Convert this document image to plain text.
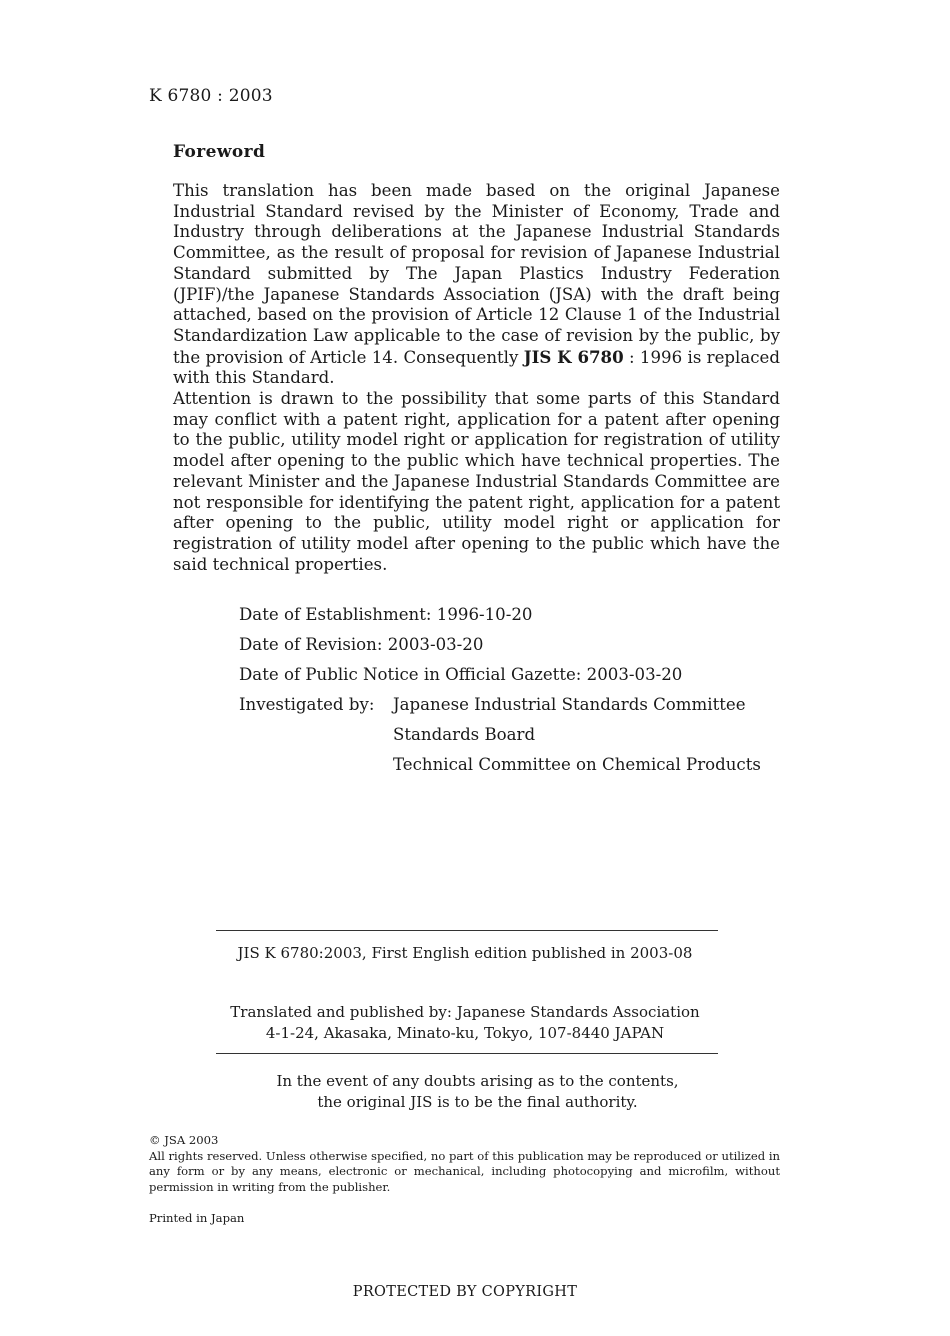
K 6780 : 2003
Foreword

This translation has been made based on the original Japanese Industrial Standard revised by the Minister of Economy, Trade and Industry through deliberations at the Japanese Industrial Standards Committee, as the result of proposal for revision of Japanese Industrial Standard submitted by The Japan Plastics Industry Federation (JPIF)/the Japanese Standards Association (JSA) with the draft being attached, based on the provision of Article 12 Clause 1 of the Industrial Standardization Law applicable to the case of revision by the public, by the provision of Article 14. Consequently JIS K 6780 : 1996 is replaced with this Standard.

Attention is drawn to the possibility that some parts of this Standard may conflict with a patent right, application for a patent after opening to the public, utility model right or application for registration of utility model after opening to the public which have technical properties. The relevant Minister and the Japanese Industrial Standards Committee are not responsible for identifying the patent right, application for a patent after opening to the public, utility model right or application for registration of utility model after opening to the public which have the said technical properties.

Date of Establishment: 1996-10-20
Date of Revision: 2003-03-20
Date of Public Notice in Official Gazette: 2003-03-20
Investigated by:	Japanese Industrial Standards Committee
Standards Board
Technical Committee on Chemical Products
JIS K 6780:2003, First English edition published in 2003-08
Translated and published by: Japanese Standards Association
4-1-24, Akasaka, Minato-ku, Tokyo, 107-8440 JAPAN
In the event of any doubts arising as to the contents,
the original JIS is to be the final authority.
© JSA 2003
All rights reserved. Unless otherwise specified, no part of this publication may be reproduced or utilized in any form or by any means, electronic or mechanical, including photocopying and microfilm, without permission in writing from the publisher.
Printed in Japan
PROTECTED BY COPYRIGHT
